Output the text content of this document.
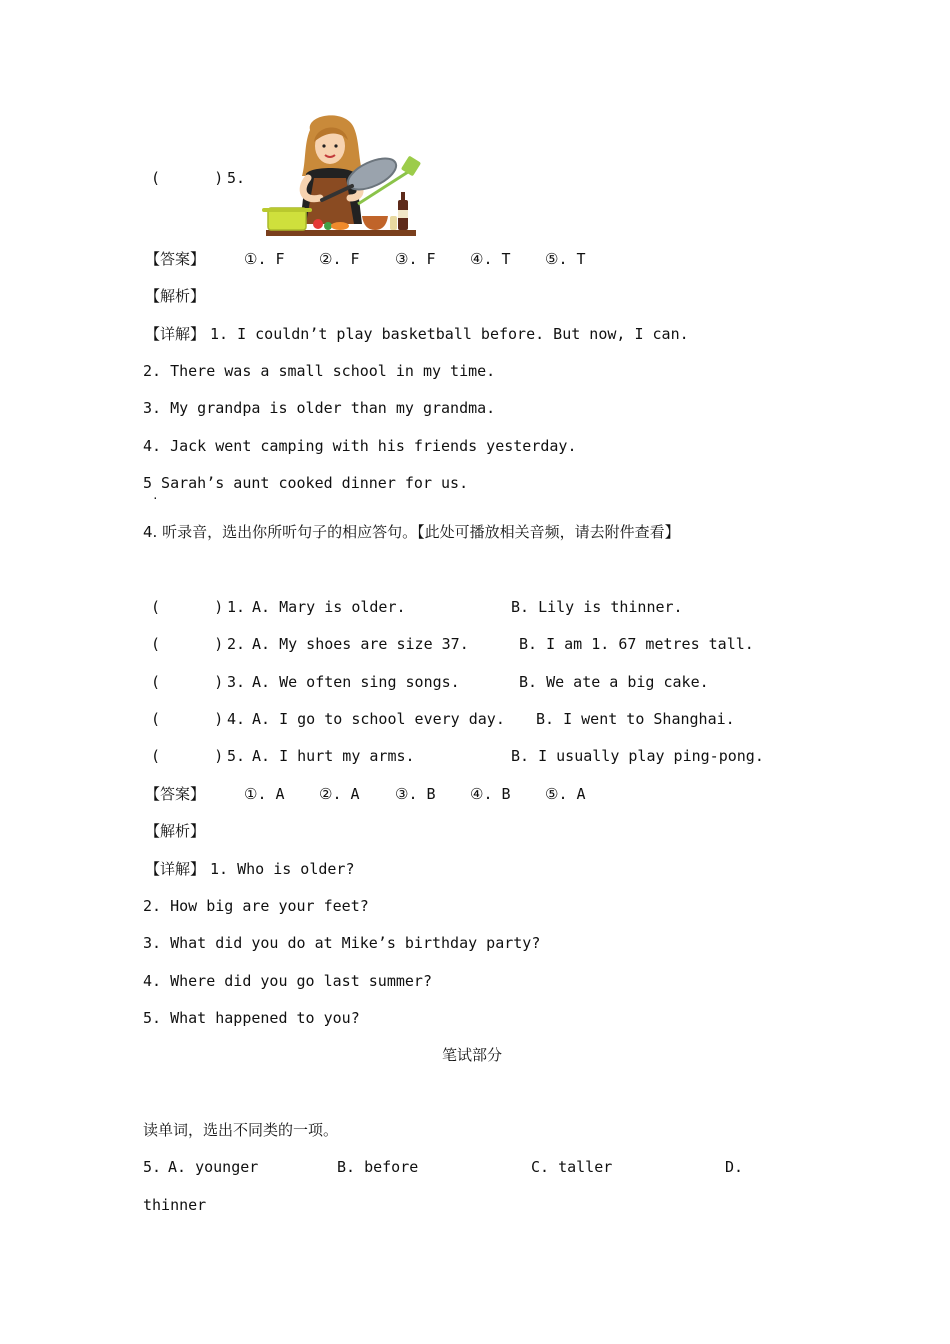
(      ) 5.
【答案】	①. F ②. F ③. F ④. T ⑤. T
【解析】
【详解】 1. I couldn’t play basketball before. But now, I can.
2. There was a small school in my time.
3. My grandpa is older than my grandma.
4. Jack went camping with his friends yesterday.
5 Sarah’s aunt cooked dinner for us.
.
4. 听录音，选出你所听句子的相应答句。【此处可播放相关音频，请去附件查看】
(      ) 1. A. Mary is older.	B. Lily is thinner.
(      ) 2. A. My shoes are size 37.	B. I am 1. 67 metres tall.
(      ) 3. A. We often sing songs.	B. We ate a big cake.
(      ) 4. A. I go to school every day. B. I went to Shanghai.
(      ) 5. A. I hurt my arms.	B. I usually play ping-pong.
【答案】	①. A ②. A ③. B ④. B ⑤. A
【解析】
【详解】 1. Who is older?
2. How big are your feet?
3. What did you do at Mike’s birthday party?
4. Where did you go last summer?
5. What happened to you?
笔试部分
读单词，选出不同类的一项。
5. A. younger	B. before	C. taller	D.
thinner
